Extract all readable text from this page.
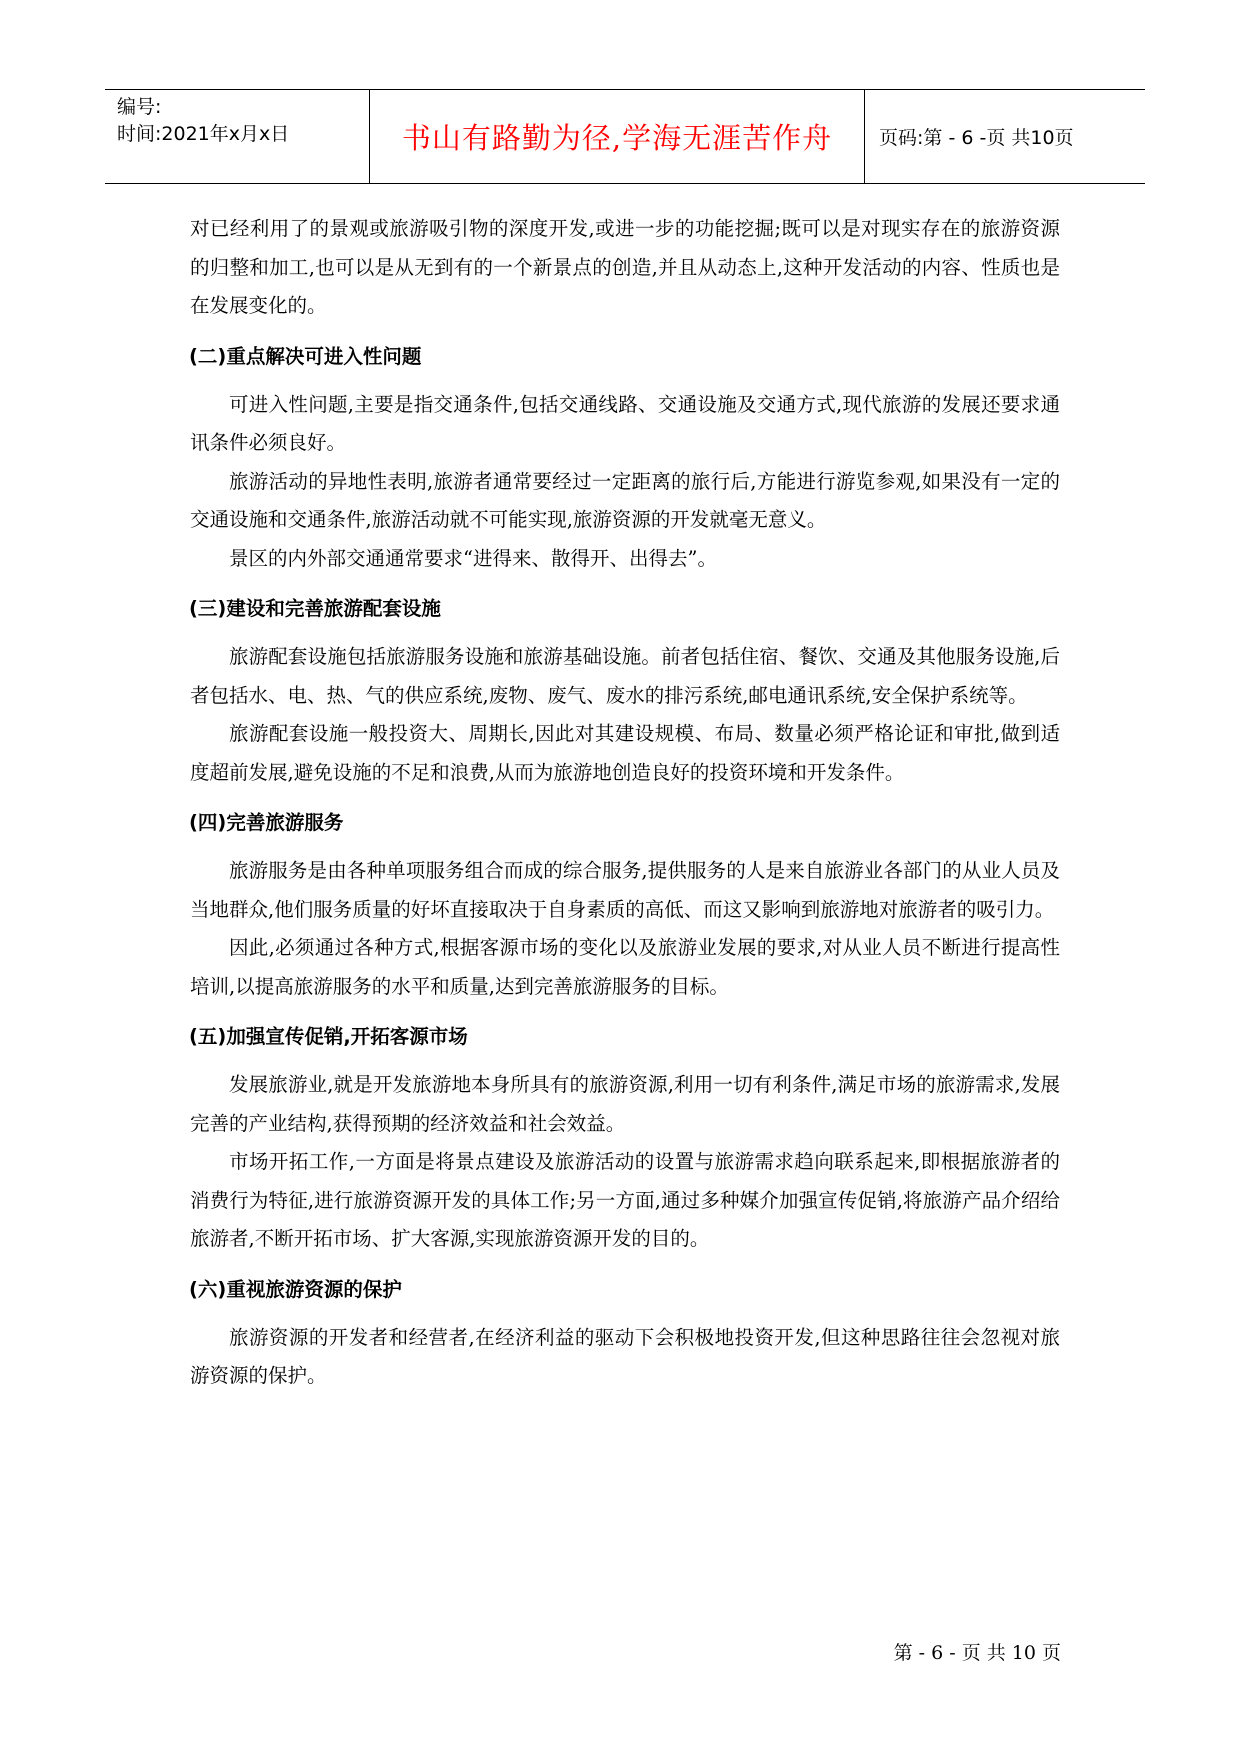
编号:
时间:2021年x月x日	书山有路勤为径,学海无涯苦作舟 页码:第 - 6 -页 共10页

对已经利用了的景观或旅游吸引物的深度开发,或进一步的功能挖掘;既可以是对现实存在的旅游资源的归整和加工,也可以是从无到有的一个新景点的创造,并且从动态上,这种开发活动的内容、性质也是在发展变化的。

(二)重点解决可进入性问题

可进入性问题,主要是指交通条件,包括交通线路、交通设施及交通方式,现代旅游的发展还要求通讯条件必须良好。

旅游活动的异地性表明,旅游者通常要经过一定距离的旅行后,方能进行游览参观,如果没有一定的交通设施和交通条件,旅游活动就不可能实现,旅游资源的开发就毫无意义。

景区的内外部交通通常要求“进得来、散得开、出得去”。

(三)建设和完善旅游配套设施

旅游配套设施包括旅游服务设施和旅游基础设施。前者包括住宿、餐饮、交通及其他服务设施,后者包括水、电、热、气的供应系统,废物、废气、废水的排污系统,邮电通讯系统,安全保护系统等。

旅游配套设施一般投资大、周期长,因此对其建设规模、布局、数量必须严格论证和审批,做到适度超前发展,避免设施的不足和浪费,从而为旅游地创造良好的投资环境和开发条件。

(四)完善旅游服务

旅游服务是由各种单项服务组合而成的综合服务,提供服务的人是来自旅游业各部门的从业人员及当地群众,他们服务质量的好坏直接取决于自身素质的高低、而这又影响到旅游地对旅游者的吸引力。

因此,必须通过各种方式,根据客源市场的变化以及旅游业发展的要求,对从业人员不断进行提高性培训,以提高旅游服务的水平和质量,达到完善旅游服务的目标。

(五)加强宣传促销,开拓客源市场

发展旅游业,就是开发旅游地本身所具有的旅游资源,利用一切有利条件,满足市场的旅游需求,发展完善的产业结构,获得预期的经济效益和社会效益。

市场开拓工作,一方面是将景点建设及旅游活动的设置与旅游需求趋向联系起来,即根据旅游者的消费行为特征,进行旅游资源开发的具体工作;另一方面,通过多种媒介加强宣传促销,将旅游产品介绍给旅游者,不断开拓市场、扩大客源,实现旅游资源开发的目的。

(六)重视旅游资源的保护

旅游资源的开发者和经营者,在经济利益的驱动下会积极地投资开发,但这种思路往往会忽视对旅游资源的保护。

第 - 6 - 页 共 10 页
